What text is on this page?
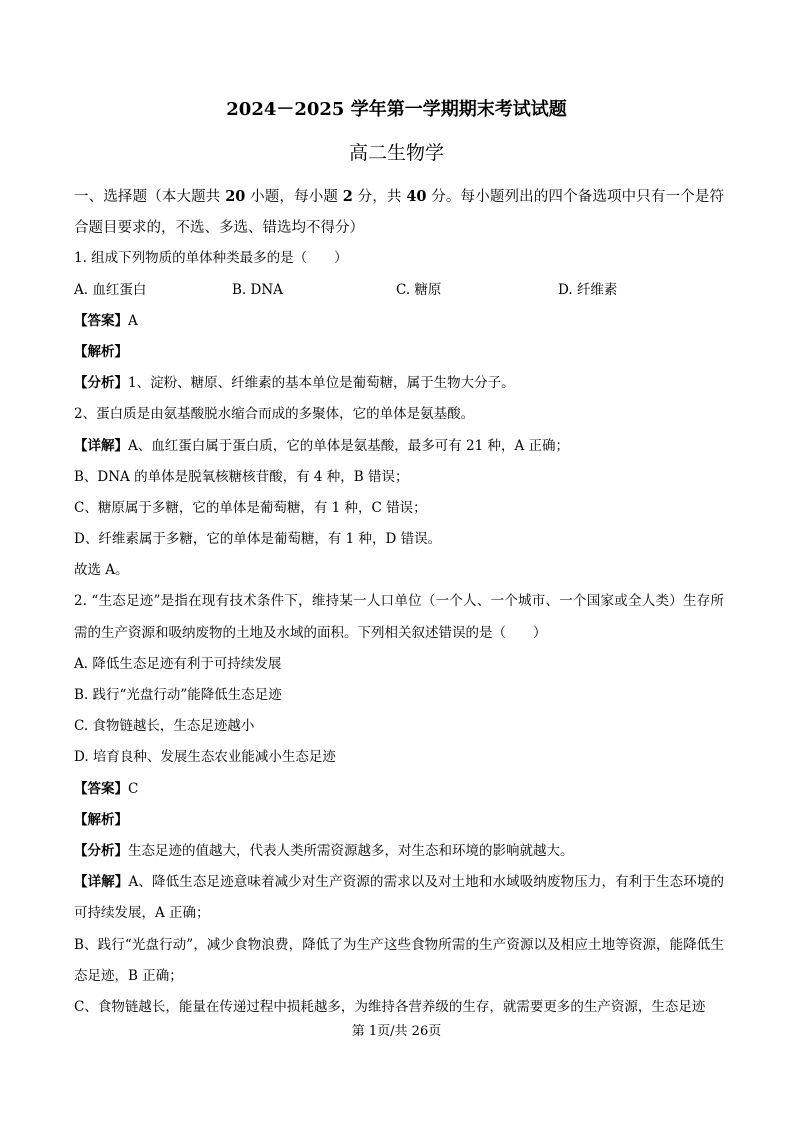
2024－2025 学年第一学期期末考试试题
高二生物学
一、选择题（本大题共 20 小题，每小题 2 分，共 40 分。每小题列出的四个备选项中只有一个是符合题目要求的，不选、多选、错选均不得分）
1. 组成下列物质的单体种类最多的是（　　）
A. 血红蛋白	B. DNA	C. 糖原	D. 纤维素
【答案】A
【解析】
【分析】1、淀粉、糖原、纤维素的基本单位是葡萄糖，属于生物大分子。
2、蛋白质是由氨基酸脱水缩合而成的多聚体，它的单体是氨基酸。
【详解】A、血红蛋白属于蛋白质，它的单体是氨基酸，最多可有 21 种，A 正确；
B、DNA 的单体是脱氧核糖核苷酸，有 4 种，B 错误；
C、糖原属于多糖，它的单体是葡萄糖，有 1 种，C 错误；
D、纤维素属于多糖，它的单体是葡萄糖，有 1 种，D 错误。
故选 A。
2. “生态足迹”是指在现有技术条件下，维持某一人口单位（一个人、一个城市、一个国家或全人类）生存所需的生产资源和吸纳废物的土地及水域的面积。下列相关叙述错误的是（　　）
A. 降低生态足迹有利于可持续发展
B. 践行“光盘行动”能降低生态足迹
C. 食物链越长，生态足迹越小
D. 培育良种、发展生态农业能减小生态足迹
【答案】C
【解析】
【分析】生态足迹的值越大，代表人类所需资源越多，对生态和环境的影响就越大。
【详解】A、降低生态足迹意味着减少对生产资源的需求以及对土地和水域吸纳废物压力，有利于生态环境的可持续发展，A 正确；
B、践行“光盘行动”，减少食物浪费，降低了为生产这些食物所需的生产资源以及相应土地等资源，能降低生态足迹，B 正确；
C、食物链越长，能量在传递过程中损耗越多，为维持各营养级的生存，就需要更多的生产资源，生态足迹
第 1页/共 26页
